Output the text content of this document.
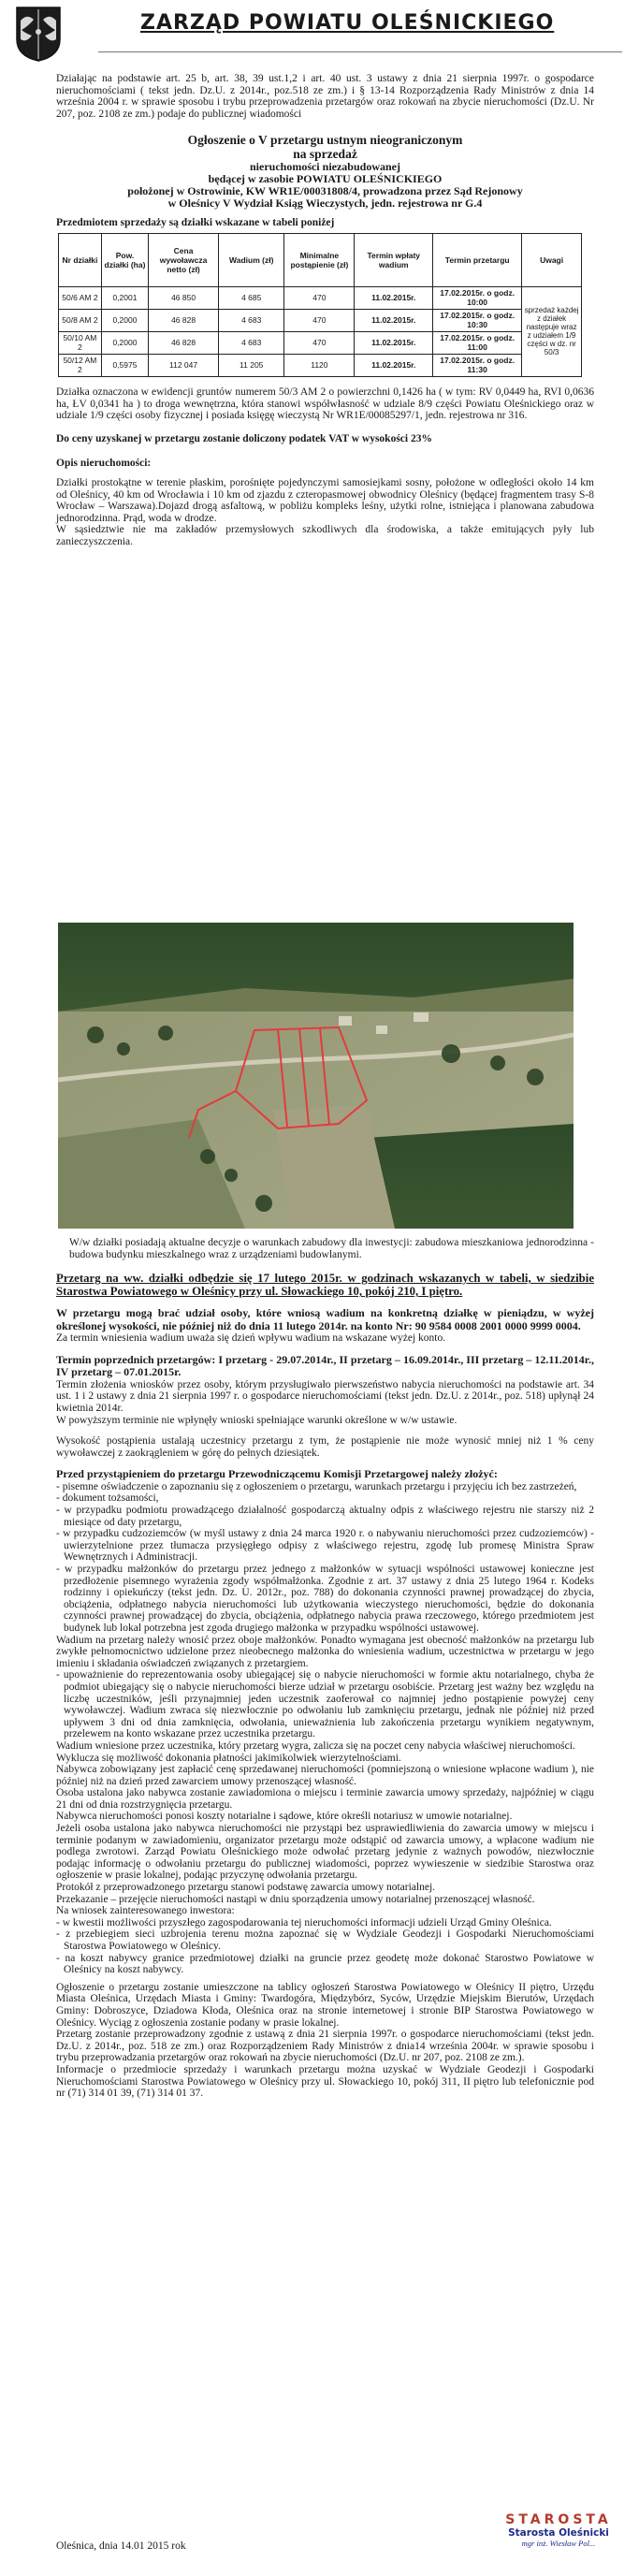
ZARZĄD POWIATU OLEŚNICKIEGO

Działając na podstawie art. 25 b, art. 38, 39 ust.1,2 i art. 40 ust. 3 ustawy z dnia 21 sierpnia 1997r. o gospodarce nieruchomościami ( tekst jedn. Dz.U. z 2014r., poz.518 ze zm.) i § 13-14 Rozporządzenia Rady Ministrów z dnia 14 września 2004 r. w sprawie sposobu i trybu przeprowadzenia przetargów oraz rokowań na zbycie nieruchomości (Dz.U. Nr 207, poz. 2108 ze zm.) podaje do publicznej wiadomości

Ogłoszenie o V przetargu ustnym nieograniczonym

na sprzedaż

nieruchomości niezabudowanej

będącej w zasobie POWIATU OLEŚNICKIEGO

położonej w Ostrowinie, KW WR1E/00031808/4, prowadzona przez Sąd Rejonowy

w Oleśnicy V Wydział Ksiąg Wieczystych, jedn. rejestrowa nr G.4

Przedmiotem sprzedaży są działki wskazane w tabeli poniżej

Nr działki	Pow. działki (ha)	Cena wywoławcza netto (zł)	Wadium (zł)	Minimalne postąpienie (zł)	Termin wpłaty wadium	Termin przetargu	Uwagi
50/6 AM 2	0,2001	46 850	4 685	470	11.02.2015r.	17.02.2015r. o godz. 10:00	sprzedaż każdej z działek następuje wraz z udziałem 1/9 części w dz. nr 50/3
50/8 AM 2	0,2000	46 828	4 683	470	11.02.2015r.	17.02.2015r. o godz. 10:30	
50/10 AM 2	0,2000	46 828	4 683	470	11.02.2015r.	17.02.2015r. o godz. 11:00	
50/12 AM 2	0,5975	112 047	11 205	1120	11.02.2015r.	17.02.2015r. o godz. 11:30	

Działka oznaczona w ewidencji gruntów numerem 50/3 AM 2 o powierzchni 0,1426 ha ( w tym: RV 0,0449 ha, RVI 0,0636 ha, ŁV 0,0341 ha ) to droga wewnętrzna, która stanowi współwłasność w udziale 8/9 części Powiatu Oleśnickiego oraz w udziale 1/9 części osoby fizycznej i posiada księgę wieczystą Nr WR1E/00085297/1, jedn. rejestrowa nr 316.

Do ceny uzyskanej w przetargu zostanie doliczony podatek VAT w wysokości 23%

Opis nieruchomości:

Działki prostokątne w terenie płaskim, porośnięte pojedynczymi samosiejkami sosny, położone w odległości około 14 km od Oleśnicy, 40 km od Wrocławia i 10 km od zjazdu z czteropasmowej obwodnicy Oleśnicy (będącej fragmentem trasy S-8 Wrocław – Warszawa).Dojazd drogą asfaltową, w pobliżu kompleks leśny, użytki rolne, istniejąca i planowana zabudowa jednorodzinna. Prąd, woda w drodze.

W sąsiedztwie nie ma zakładów przemysłowych szkodliwych dla środowiska, a także emitujących pyły lub zanieczyszczenia.

W/w działki posiadają aktualne decyzje o warunkach zabudowy dla inwestycji: zabudowa mieszkaniowa jednorodzinna - budowa budynku mieszkalnego wraz z urządzeniami budowlanymi.

Przetarg na ww. działki odbędzie się 17 lutego 2015r. w godzinach wskazanych w tabeli, w siedzibie Starostwa Powiatowego w Oleśnicy przy ul. Słowackiego 10, pokój 210, I piętro.

W przetargu mogą brać udział osoby, które wniosą wadium na konkretną działkę w pieniądzu, w wyżej określonej wysokości, nie później niż do dnia 11 lutego 2014r. na konto Nr: 90 9584 0008 2001 0000 9999 0004.

Za termin wniesienia wadium uważa się dzień wpływu wadium na wskazane wyżej konto.

Termin poprzednich przetargów: I przetarg - 29.07.2014r., II przetarg – 16.09.2014r., III przetarg – 12.11.2014r., IV przetarg – 07.01.2015r.

Termin złożenia wniosków przez osoby, którym przysługiwało pierwszeństwo nabycia nieruchomości na podstawie art. 34 ust. 1 i 2 ustawy z dnia 21 sierpnia 1997 r. o gospodarce nieruchomościami (tekst jedn. Dz.U. z 2014r., poz. 518) upłynął 24 kwietnia 2014r.

W powyższym terminie nie wpłynęły wnioski spełniające warunki określone w w/w ustawie.

Wysokość postąpienia ustalają uczestnicy przetargu z tym, że postąpienie nie może wynosić mniej niż 1 % ceny wywoławczej z zaokrągleniem w górę do pełnych dziesiątek.

Przed przystąpieniem do przetargu Przewodniczącemu Komisji Przetargowej należy złożyć:

- pisemne oświadczenie o zapoznaniu się z ogłoszeniem o przetargu, warunkach przetargu i przyjęciu ich bez zastrzeżeń,

- dokument tożsamości,

- w przypadku podmiotu prowadzącego działalność gospodarczą aktualny odpis z właściwego rejestru nie starszy niż 2 miesiące od daty przetargu,

- w przypadku cudzoziemców (w myśl ustawy z dnia 24 marca 1920 r. o nabywaniu nieruchomości przez cudzoziemców) - uwierzytelnione przez tłumacza przysięgłego odpisy z właściwego rejestru, zgodę lub promesę Ministra Spraw Wewnętrznych i Administracji.

- w przypadku małżonków do przetargu przez jednego z małżonków w sytuacji wspólności ustawowej konieczne jest przedłożenie pisemnego wyrażenia zgody współmałżonka. Zgodnie z art. 37 ustawy z dnia 25 lutego 1964 r. Kodeks rodzinny i opiekuńczy (tekst jedn. Dz. U. 2012r., poz. 788) do dokonania czynności prawnej prowadzącej do zbycia, obciążenia, odpłatnego nabycia nieruchomości lub użytkowania wieczystego nieruchomości, będzie do dokonania czynności prawnej prowadzącej do zbycia, obciążenia, odpłatnego nabycia prawa rzeczowego, którego przedmiotem jest budynek lub lokal potrzebna jest zgoda drugiego małżonka w przypadku wspólności ustawowej.

Wadium na przetarg należy wnosić przez oboje małżonków. Ponadto wymagana jest obecność małżonków na przetargu lub zwykłe pełnomocnictwo udzielone przez nieobecnego małżonka do wniesienia wadium, uczestnictwa w przetargu w jego imieniu i składania oświadczeń związanych z przetargiem.

- upoważnienie do reprezentowania osoby ubiegającej się o nabycie nieruchomości w formie aktu notarialnego, chyba że podmiot ubiegający się o nabycie nieruchomości bierze udział w przetargu osobiście. Przetarg jest ważny bez względu na liczbę uczestników, jeśli przynajmniej jeden uczestnik zaoferował co najmniej jedno postąpienie powyżej ceny wywoławczej. Wadium zwraca się niezwłocznie po odwołaniu lub zamknięciu przetargu, jednak nie później niż przed upływem 3 dni od dnia zamknięcia, odwołania, unieważnienia lub zakończenia przetargu wynikiem negatywnym, przelewem na konto wskazane przez uczestnika przetargu.

Wadium wniesione przez uczestnika, który przetarg wygra, zalicza się na poczet ceny nabycia właściwej nieruchomości.

Wyklucza się możliwość dokonania płatności jakimikolwiek wierzytelnościami.

Nabywca zobowiązany jest zapłacić cenę sprzedawanej nieruchomości (pomniejszoną o wniesione wpłacone wadium ), nie później niż na dzień przed zawarciem umowy przenoszącej własność.

Osoba ustalona jako nabywca zostanie zawiadomiona o miejscu i terminie zawarcia umowy sprzedaży, najpóźniej w ciągu 21 dni od dnia rozstrzygnięcia przetargu.

Nabywca nieruchomości ponosi koszty notarialne i sądowe, które określi notariusz w umowie notarialnej.

Jeżeli osoba ustalona jako nabywca nieruchomości nie przystąpi bez usprawiedliwienia do zawarcia umowy w miejscu i terminie podanym w zawiadomieniu, organizator przetargu może odstąpić od zawarcia umowy, a wpłacone wadium nie podlega zwrotowi. Zarząd Powiatu Oleśnickiego może odwołać przetarg jedynie z ważnych powodów, niezwłocznie podając informację o odwołaniu przetargu do publicznej wiadomości, poprzez wywieszenie w siedzibie Starostwa oraz ogłoszenie w prasie lokalnej, podając przyczynę odwołania przetargu.

Protokół z przeprowadzonego przetargu stanowi podstawę zawarcia umowy notarialnej.

Przekazanie – przejęcie nieruchomości nastąpi w dniu sporządzenia umowy notarialnej przenoszącej własność.

Na wniosek zainteresowanego inwestora:

- w kwestii możliwości przyszłego zagospodarowania tej nieruchomości informacji udzieli Urząd Gminy Oleśnica.

- z przebiegiem sieci uzbrojenia terenu można zapoznać się w Wydziale Geodezji i Gospodarki Nieruchomościami Starostwa Powiatowego w Oleśnicy.

- na koszt nabywcy granice przedmiotowej działki na gruncie przez geodetę może dokonać Starostwo Powiatowe w Oleśnicy na koszt nabywcy.

Ogłoszenie o przetargu zostanie umieszczone na tablicy ogłoszeń Starostwa Powiatowego w Oleśnicy II piętro, Urzędu Miasta Oleśnica, Urzędach Miasta i Gminy: Twardogóra, Międzybórz, Syców, Urzędzie Miejskim Bierutów, Urzędach Gminy: Dobroszyce, Dziadowa Kłoda, Oleśnica oraz na stronie internetowej i stronie BIP Starostwa Powiatowego w Oleśnicy. Wyciąg z ogłoszenia zostanie podany w prasie lokalnej.

Przetarg zostanie przeprowadzony zgodnie z ustawą z dnia 21 sierpnia 1997r. o gospodarce nieruchomościami (tekst jedn. Dz.U. z 2014r., poz. 518 ze zm.) oraz Rozporządzeniem Rady Ministrów z dnia14 września 2004r. w sprawie sposobu i trybu przeprowadzania przetargów oraz rokowań na zbycie nieruchomości (Dz.U. nr 207, poz. 2108 ze zm.).

Informacje o przedmiocie sprzedaży i warunkach przetargu można uzyskać w Wydziale Geodezji i Gospodarki Nieruchomościami Starostwa Powiatowego w Oleśnicy przy ul. Słowackiego 10, pokój 311, II piętro lub telefonicznie pod nr (71) 314 01 39, (71) 314 01 37.

Oleśnica, dnia 14.01 2015 rok
STAROSTA
Starosta Oleśnicki
mgr inż. Wiesław Pol...
